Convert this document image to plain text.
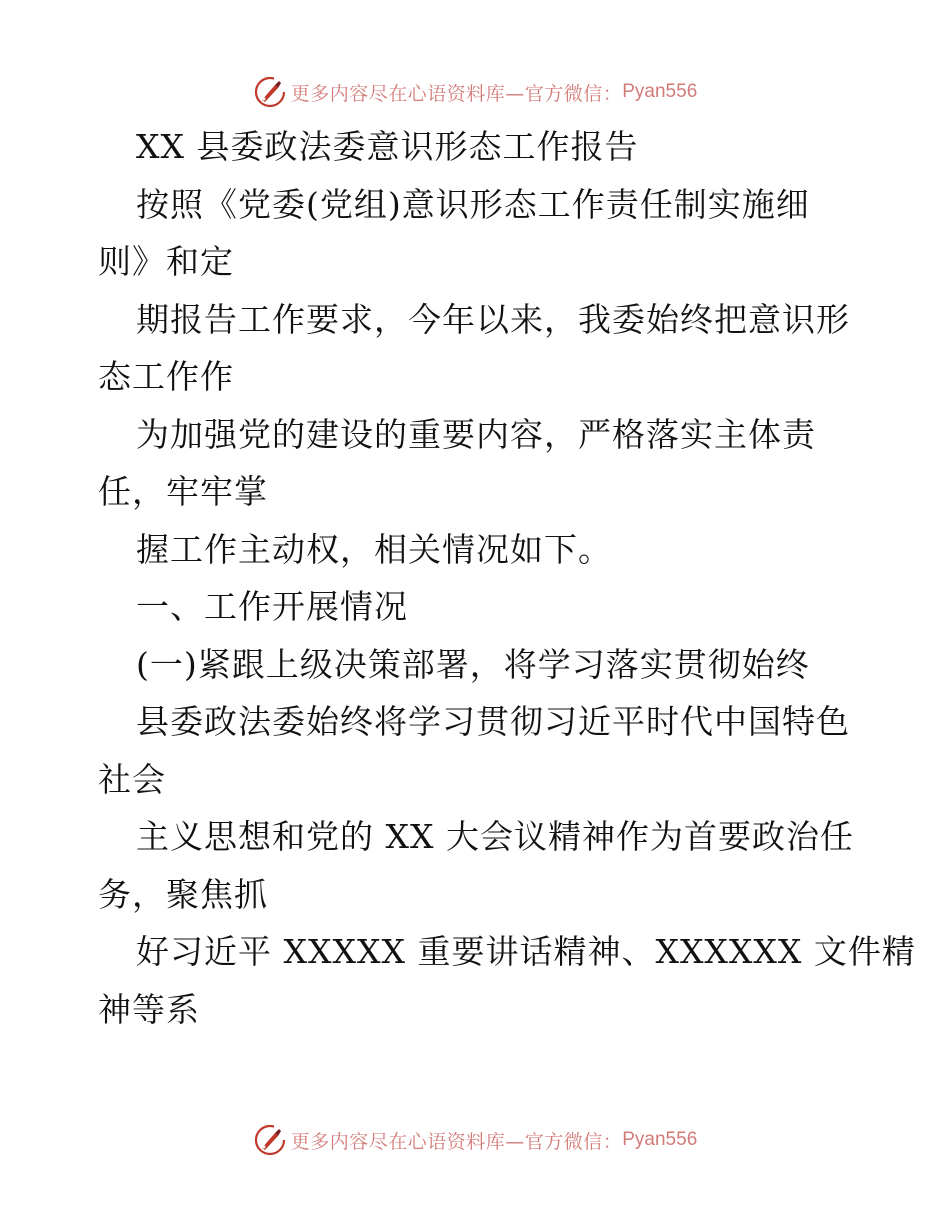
更多内容尽在心语资料库—官方微信： Pyan556
XX 县委政法委意识形态工作报告
按照《党委(党组)意识形态工作责任制实施细
则》和定
期报告工作要求，今年以来，我委始终把意识形
态工作作
为加强党的建设的重要内容，严格落实主体责
任，牢牢掌
握工作主动权，相关情况如下。
一、工作开展情况
(一)紧跟上级决策部署，将学习落实贯彻始终
县委政法委始终将学习贯彻习近平时代中国特色
社会
主义思想和党的 XX 大会议精神作为首要政治任
务，聚焦抓
好习近平 XXXXX 重要讲话精神、XXXXXX 文件精
神等系
更多内容尽在心语资料库—官方微信： Pyan556
